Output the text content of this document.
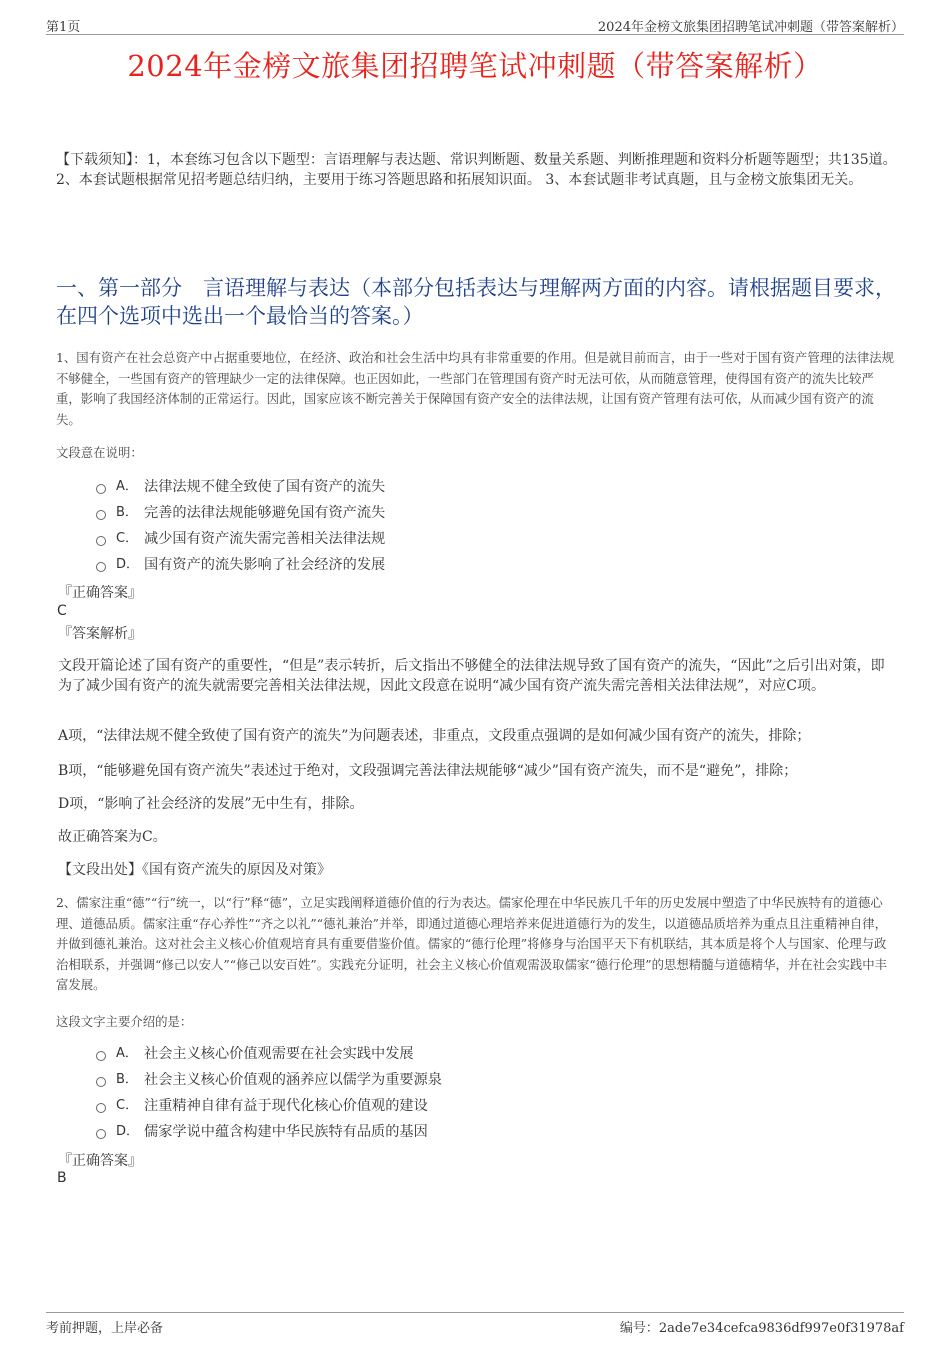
第1页	2024年金榜文旅集团招聘笔试冲刺题（带答案解析）
2024年金榜文旅集团招聘笔试冲刺题（带答案解析）
【下载须知】：1，本套练习包含以下题型：言语理解与表达题、常识判断题、数量关系题、判断推理题和资料分析题等题型；共135道。 2、本套试题根据常见招考题总结归纳，主要用于练习答题思路和拓展知识面。 3、本套试题非考试真题，且与金榜文旅集团无关。
一、第一部分　言语理解与表达（本部分包括表达与理解两方面的内容。请根据题目要求，在四个选项中选出一个最恰当的答案。）
1、国有资产在社会总资产中占据重要地位，在经济、政治和社会生活中均具有非常重要的作用。但是就目前而言，由于一些对于国有资产管理的法律法规不够健全，一些国有资产的管理缺少一定的法律保障。也正因如此，一些部门在管理国有资产时无法可依，从而随意管理，使得国有资产的流失比较严重，影响了我国经济体制的正常运行。因此，国家应该不断完善关于保障国有资产安全的法律法规，让国有资产管理有法可依，从而减少国有资产的流失。
文段意在说明：
A． 法律法规不健全致使了国有资产的流失
B． 完善的法律法规能够避免国有资产流失
C． 减少国有资产流失需完善相关法律法规
D． 国有资产的流失影响了社会经济的发展
『正确答案』
C
『答案解析』
文段开篇论述了国有资产的重要性，“但是”表示转折，后文指出不够健全的法律法规导致了国有资产的流失，“因此”之后引出对策，即为了减少国有资产的流失就需要完善相关法律法规，因此文段意在说明“减少国有资产流失需完善相关法律法规”，对应C项。
A项，“法律法规不健全致使了国有资产的流失”为问题表述，非重点，文段重点强调的是如何减少国有资产的流失，排除；
B项，“能够避免国有资产流失”表述过于绝对，文段强调完善法律法规能够“减少”国有资产流失，而不是“避免”，排除；
D项，“影响了社会经济的发展”无中生有，排除。
故正确答案为C。
【文段出处】《国有资产流失的原因及对策》
2、儒家注重“德”“行”统一，以“行”释“德”，立足实践阐释道德价值的行为表达。儒家伦理在中华民族几千年的历史发展中塑造了中华民族特有的道德心理、道德品质。儒家注重“存心养性”“齐之以礼”“德礼兼治”并举，即通过道德心理培养来促进道德行为的发生，以道德品质培养为重点且注重精神自律，并做到德礼兼治。这对社会主义核心价值观培育具有重要借鉴价值。儒家的“德行伦理”将修身与治国平天下有机联结，其本质是将个人与国家、伦理与政治相联系，并强调“修己以安人”“修己以安百姓”。实践充分证明，社会主义核心价值观需汲取儒家“德行伦理”的思想精髓与道德精华，并在社会实践中丰富发展。
这段文字主要介绍的是：
A． 社会主义核心价值观需要在社会实践中发展
B． 社会主义核心价值观的涵养应以儒学为重要源泉
C． 注重精神自律有益于现代化核心价值观的建设
D． 儒家学说中蕴含构建中华民族特有品质的基因
『正确答案』
B
考前押题，上岸必备	编号：2ade7e34cefca9836df997e0f31978af
